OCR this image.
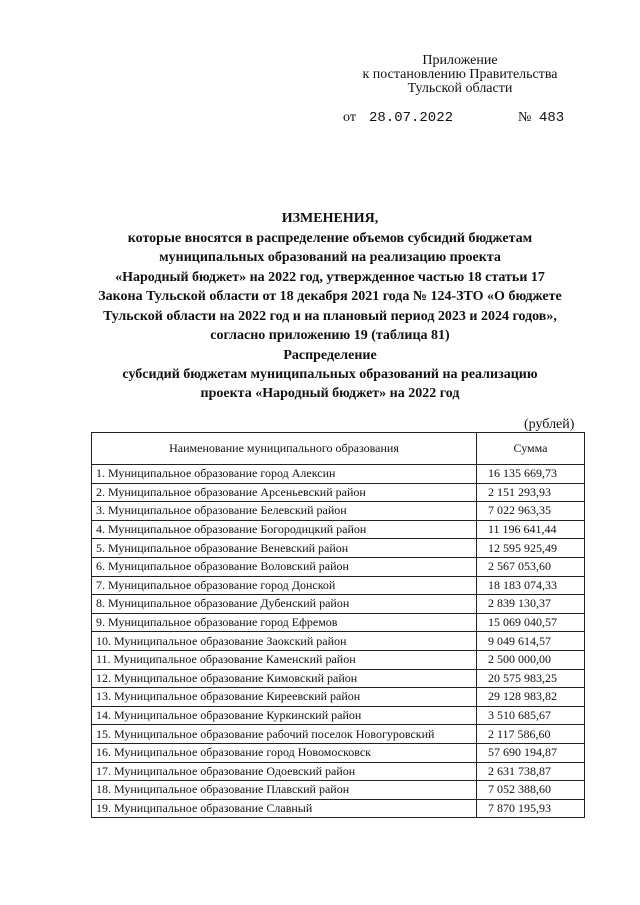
Приложение
к постановлению Правительства
Тульской области
от 28.07.2022	№ 483
ИЗМЕНЕНИЯ,
которые вносятся в распределение объемов субсидий бюджетам
муниципальных образований на реализацию проекта
«Народный бюджет» на 2022 год, утвержденное частью 18 статьи 17
Закона Тульской области от 18 декабря 2021 года № 124-ЗТО «О бюджете
Тульской области на 2022 год и на плановый период 2023 и 2024 годов»,
согласно приложению 19 (таблица 81)
Распределение
субсидий бюджетам муниципальных образований на реализацию
проекта «Народный бюджет» на 2022 год
(рублей)
Наименование муниципального образования	Сумма
1. Муниципальное образование город Алексин	16 135 669,73
2. Муниципальное образование Арсеньевский район	2 151 293,93
3. Муниципальное образование Белевский район	7 022 963,35
4. Муниципальное образование Богородицкий район	11 196 641,44
5. Муниципальное образование Веневский район	12 595 925,49
6. Муниципальное образование Воловский район	2 567 053,60
7. Муниципальное образование город Донской	18 183 074,33
8. Муниципальное образование Дубенский район	2 839 130,37
9. Муниципальное образование город Ефремов	15 069 040,57
10. Муниципальное образование Заокский район	9 049 614,57
11. Муниципальное образование Каменский район	2 500 000,00
12. Муниципальное образование Кимовский район	20 575 983,25
13. Муниципальное образование Киреевский район	29 128 983,82
14. Муниципальное образование Куркинский район	3 510 685,67
15. Муниципальное образование рабочий поселок Новогуровский	2 117 586,60
16. Муниципальное образование город Новомосковск	57 690 194,87
17. Муниципальное образование Одоевский район	2 631 738,87
18. Муниципальное образование Плавский район	7 052 388,60
19. Муниципальное образование Славный	7 870 195,93
